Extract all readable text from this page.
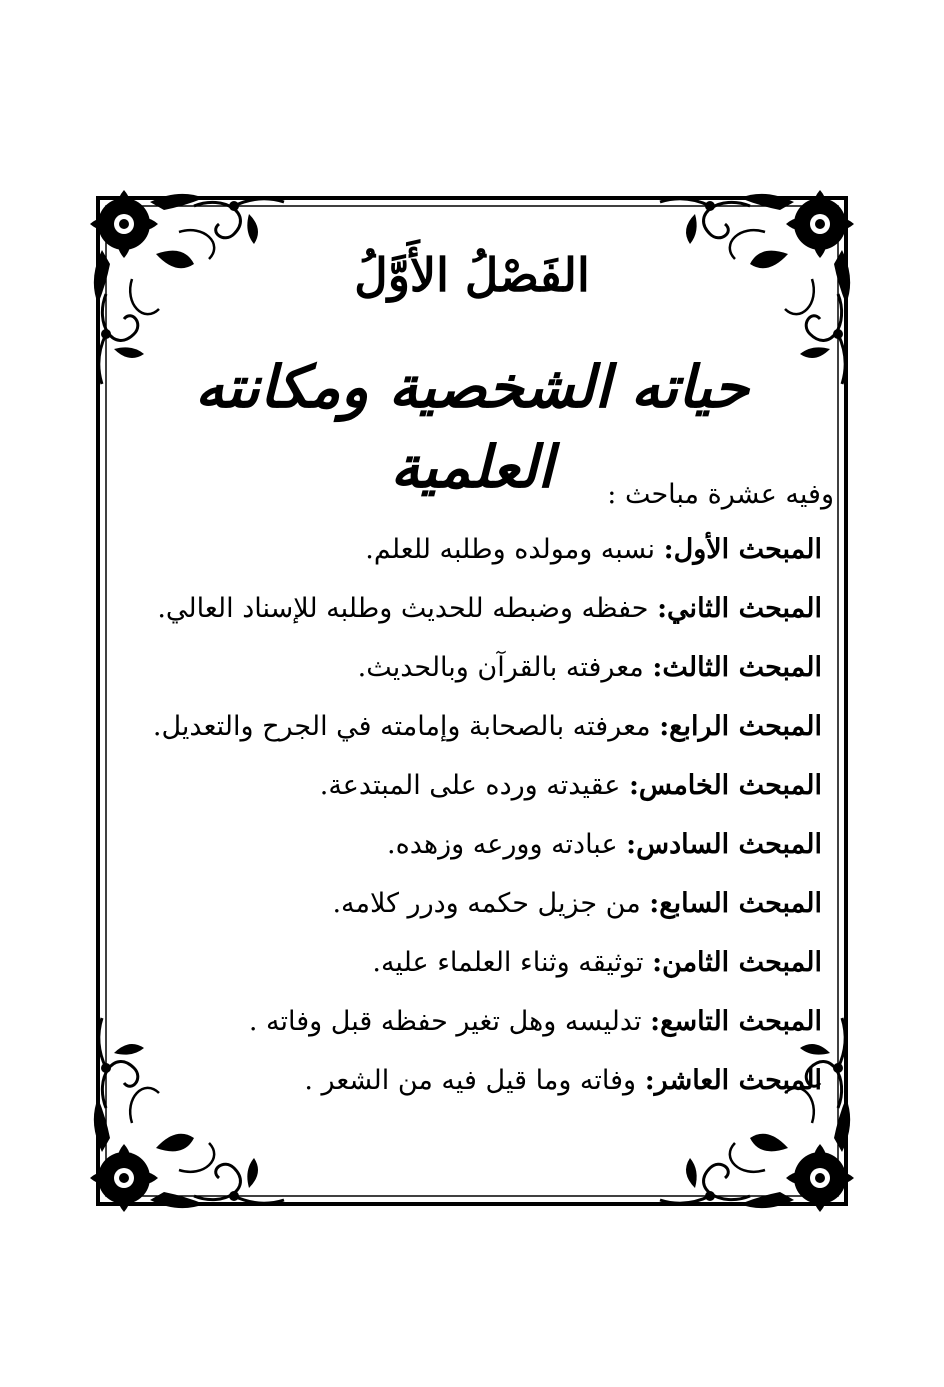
الفَصْلُ الأَوَّلُ
حياته الشخصية ومكانته العلمية	وفيه عشرة مباحث :

المبحث الأول: نسبه ومولده وطلبه للعلم.
المبحث الثاني: حفظه وضبطه للحديث وطلبه للإسناد العالي.
المبحث الثالث: معرفته بالقرآن وبالحديث.
المبحث الرابع: معرفته بالصحابة وإمامته في الجرح والتعديل.
المبحث الخامس: عقيدته ورده على المبتدعة.
المبحث السادس: عبادته وورعه وزهده.
المبحث السابع: من جزيل حكمه ودرر كلامه.
المبحث الثامن: توثيقه وثناء العلماء عليه.
المبحث التاسع: تدليسه وهل تغير حفظه قبل وفاته .
المبحث العاشر: وفاته وما قيل فيه من الشعر .
